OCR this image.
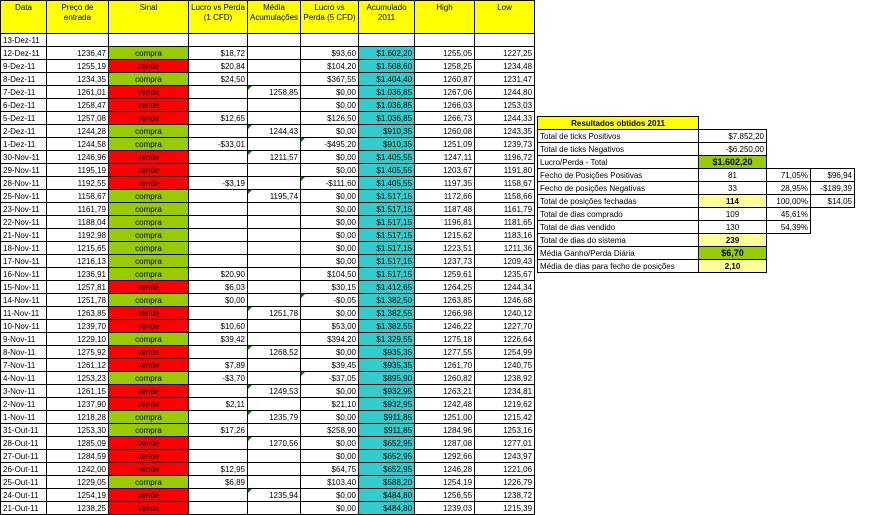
Data	Preço de entrada	Sinal	Lucro vs Perda (1 CFD)	Média Acumulações	Lucro vs Perda (5 CFD)	Acumulado 2011	High	Low
13-Dez-11								
12-Dez-11	1236,47	compra	$18,72		$93,60	$1.602,20	1255,05	1227,25
9-Dez-11	1255,19	vende	$20,84		$104,20	$1.508,60	1258,25	1234,48
8-Dez-11	1234,35	compra	$24,50		$367,55	$1.404,40	1260,87	1231,47
7-Dez-11	1261,01	vende		1258,85	$0,00	$1.036,85	1267,06	1244,80
6-Dez-11	1258,47	vende			$0,00	$1.036,85	1266,03	1253,03
5-Dez-11	1257,08	vende	$12,65		$126,50	$1.036,85	1266,73	1244,33
2-Dez-11	1244,28	compra		1244,43	$0,00	$910,35	1260,08	1243,35
1-Dez-11	1244,58	compra	-$33,01		-$495,20	$910,35	1251,09	1239,73
30-Nov-11	1246,96	vende		1211,57	$0,00	$1.405,55	1247,11	1196,72
29-Nov-11	1195,19	vende			$0,00	$1.405,55	1203,67	1191,80
28-Nov-11	1192,55	vende	-$3,19		-$111,60	$1.405,55	1197,35	1158,67
25-Nov-11	1158,67	compra		1195,74	$0,00	$1.517,15	1172,66	1158,66
23-Nov-11	1161,79	compra			$0,00	$1.517,15	1187,48	1161,79
22-Nov-11	1188,04	compra			$0,00	$1.517,15	1196,81	1181,65
21-Nov-11	1192,98	compra			$0,00	$1.517,15	1215,62	1183,16
18-Nov-11	1215,65	compra			$0,00	$1.517,15	1223,51	1211,36
17-Nov-11	1216,13	compra			$0,00	$1.517,15	1237,73	1209,43
16-Nov-11	1236,91	compra	$20,90		$104,50	$1.517,15	1259,61	1235,67
15-Nov-11	1257,81	vende	$6,03		$30,15	$1.412,65	1264,25	1244,34
14-Nov-11	1251,78	compra	$0,00		-$0,05	$1.382,50	1263,85	1246,68
11-Nov-11	1263,85	vende		1251,78	$0,00	$1.382,55	1266,98	1240,12
10-Nov-11	1239,70	vende	$10,60		$53,00	$1.382,55	1246,22	1227,70
9-Nov-11	1229,10	compra	$39,42		$394,20	$1.329,55	1275,18	1226,64
8-Nov-11	1275,92	vende		1268,52	$0,00	$935,35	1277,55	1254,99
7-Nov-11	1261,12	vende	$7,89		$39,45	$935,35	1261,70	1240,75
4-Nov-11	1253,23	compra	-$3,70		-$37,05	$895,90	1260,82	1238,92
3-Nov-11	1261,15	vende		1249,53	$0,00	$932,95	1263,21	1234,81
2-Nov-11	1237,90	vende	$2,11		$21,10	$932,95	1242,48	1219,62
1-Nov-11	1218,28	compra		1235,79	$0,00	$911,85	1251,00	1215,42
31-Out-11	1253,30	compra	$17,26		$258,90	$911,85	1284,96	1253,16
28-Out-11	1285,09	vende		1270,56	$0,00	$652,95	1287,08	1277,01
27-Out-11	1284,59	vende			$0,00	$652,95	1292,66	1243,97
26-Out-11	1242,00	vende	$12,95		$64,75	$652,95	1246,28	1221,06
25-Out-11	1229,05	compra	$6,89		$103,40	$588,20	1254,19	1226,79
24-Out-11	1254,19	vende		1235,94	$0,00	$484,80	1256,55	1238,72
21-Out-11	1238,25	vende			$0,00	$484,80	1239,03	1215,39
Resultados obtidos 2011			
Total de ticks Positivos	$7.852,20		
Total de ticks Negativos	-$6.250,00		
Lucro/Perda - Total	$1.602,20		
Fecho de Posições Positivas	81	71,05%	$96,94
Fecho de posições Negativas	33	28,95%	-$189,39
Total de posições fechadas	114	100,00%	$14,05
Total de dias comprado	109	45,61%	
Total de dias vendido	130	54,39%	
Total de dias do sistema	239		
Média Ganho/Perda Diária	$6,70		
Média de dias para fecho de posições	2,10		
